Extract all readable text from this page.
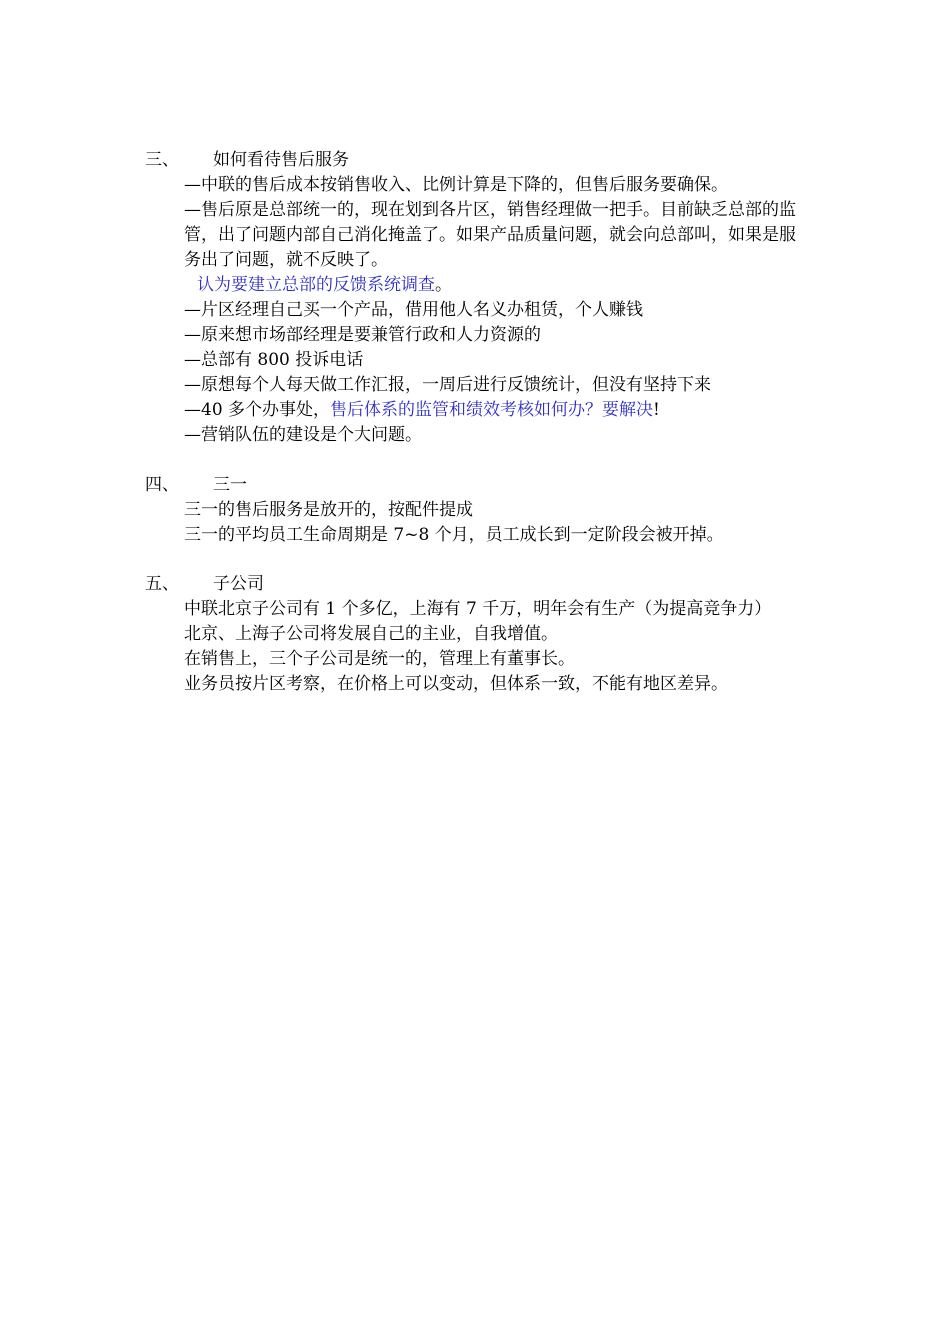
三、 如何看待售后服务
—中联的售后成本按销售收入、比例计算是下降的，但售后服务要确保。
—售后原是总部统一的，现在划到各片区，销售经理做一把手。目前缺乏总部的监管，出了问题内部自己消化掩盖了。如果产品质量问题，就会向总部叫，如果是服务出了问题，就不反映了。
认为要建立总部的反馈系统调查。
—片区经理自己买一个产品，借用他人名义办租赁，个人赚钱
—原来想市场部经理是要兼管行政和人力资源的
—总部有 800 投诉电话
—原想每个人每天做工作汇报，一周后进行反馈统计，但没有坚持下来
—40 多个办事处，售后体系的监管和绩效考核如何办？要解决!
—营销队伍的建设是个大问题。
四、 三一
三一的售后服务是放开的，按配件提成
三一的平均员工生命周期是 7~8 个月，员工成长到一定阶段会被开掉。
五、 子公司
中联北京子公司有 1 个多亿，上海有 7 千万，明年会有生产（为提高竞争力）
北京、上海子公司将发展自己的主业，自我增值。
在销售上，三个子公司是统一的，管理上有董事长。
业务员按片区考察，在价格上可以变动，但体系一致，不能有地区差异。
